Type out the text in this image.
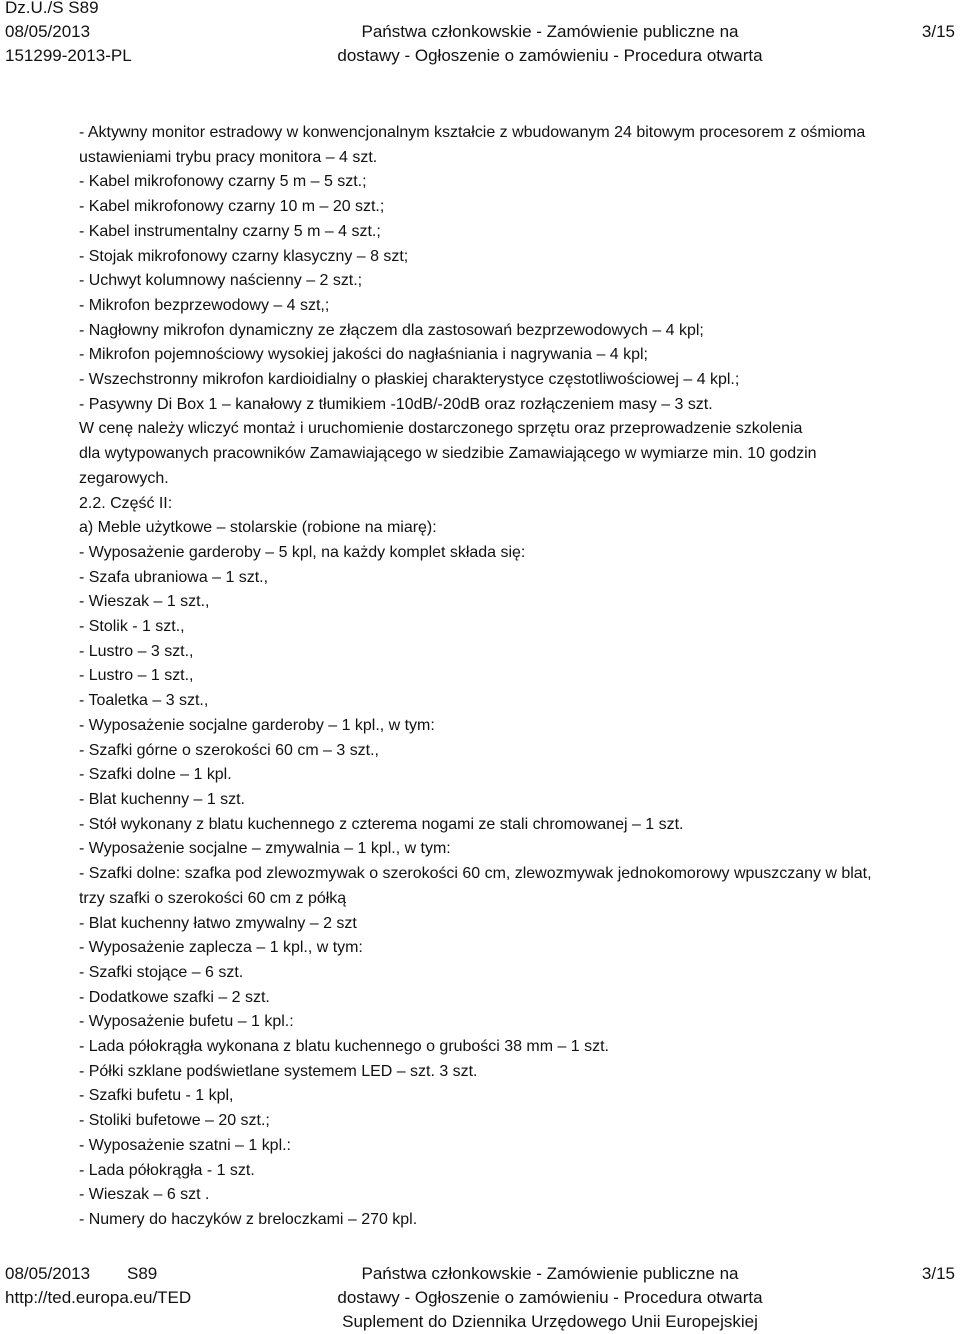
Dz.U./S S89
08/05/2013
151299-2013-PL
Państwa członkowskie - Zamówienie publiczne na
dostawy - Ogłoszenie o zamówieniu - Procedura otwarta
3/15
- Aktywny monitor estradowy w konwencjonalnym kształcie z wbudowanym 24 bitowym procesorem z ośmioma
ustawieniami trybu pracy monitora – 4 szt.
- Kabel mikrofonowy czarny 5 m – 5 szt.;
- Kabel mikrofonowy czarny 10 m – 20 szt.;
- Kabel instrumentalny czarny 5 m – 4 szt.;
- Stojak mikrofonowy czarny klasyczny – 8 szt;
- Uchwyt kolumnowy naścienny – 2 szt.;
- Mikrofon bezprzewodowy – 4 szt,;
- Nagłowny mikrofon dynamiczny ze złączem dla zastosowań bezprzewodowych – 4 kpl;
- Mikrofon pojemnościowy wysokiej jakości do nagłaśniania i nagrywania – 4 kpl;
- Wszechstronny mikrofon kardioidialny o płaskiej charakterystyce częstotliwościowej – 4 kpl.;
- Pasywny Di Box 1 – kanałowy z tłumikiem -10dB/-20dB oraz rozłączeniem masy – 3 szt.
W cenę należy wliczyć montaż i uruchomienie dostarczonego sprzętu oraz przeprowadzenie szkolenia
dla wytypowanych pracowników Zamawiającego w siedzibie Zamawiającego w wymiarze min. 10 godzin
zegarowych.
2.2. Część II:
a) Meble użytkowe – stolarskie (robione na miarę):
- Wyposażenie garderoby – 5 kpl, na każdy komplet składa się:
- Szafa ubraniowa – 1 szt.,
- Wieszak – 1 szt.,
- Stolik - 1 szt.,
- Lustro – 3 szt.,
- Lustro – 1 szt.,
- Toaletka – 3 szt.,
- Wyposażenie socjalne garderoby – 1 kpl., w tym:
- Szafki górne o szerokości 60 cm – 3 szt.,
- Szafki dolne – 1 kpl.
- Blat kuchenny – 1 szt.
- Stół wykonany z blatu kuchennego z czterema nogami ze stali chromowanej – 1 szt.
- Wyposażenie socjalne – zmywalnia – 1 kpl., w tym:
- Szafki dolne: szafka pod zlewozmywak o szerokości 60 cm, zlewozmywak jednokomorowy wpuszczany w blat,
trzy szafki o szerokości 60 cm z półką
- Blat kuchenny łatwo zmywalny – 2 szt
- Wyposażenie zaplecza – 1 kpl., w tym:
- Szafki stojące – 6 szt.
- Dodatkowe szafki – 2 szt.
- Wyposażenie bufetu – 1 kpl.:
- Lada półokrągła wykonana z blatu kuchennego o grubości 38 mm – 1 szt.
- Półki szklane podświetlane systemem LED – szt. 3 szt.
- Szafki bufetu - 1 kpl,
- Stoliki bufetowe – 20 szt.;
- Wyposażenie szatni – 1 kpl.:
- Lada półokrągła - 1 szt.
- Wieszak – 6 szt .
- Numery do haczyków z breloczkami – 270 kpl.
08/05/2013 S89
http://ted.europa.eu/TED
Państwa członkowskie - Zamówienie publiczne na
dostawy - Ogłoszenie o zamówieniu - Procedura otwarta
Suplement do Dziennika Urzędowego Unii Europejskiej
3/15
